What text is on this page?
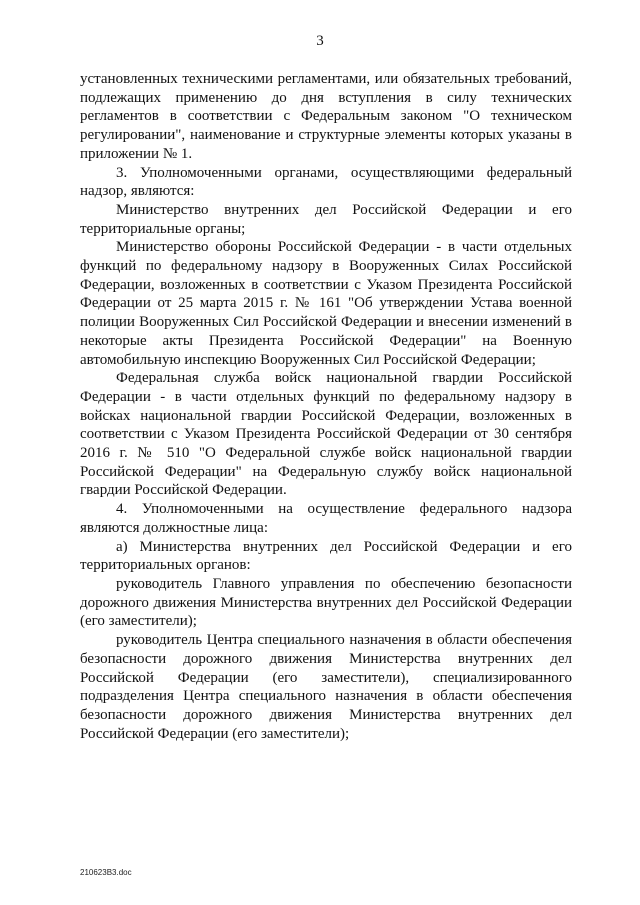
3

установленных техническими регламентами, или обязательных требований, подлежащих применению до дня вступления в силу технических регламентов в соответствии с Федеральным законом "О техническом регулировании", наименование и структурные элементы которых указаны в приложении № 1.

3. Уполномоченными органами, осуществляющими федеральный надзор, являются:

Министерство внутренних дел Российской Федерации и его территориальные органы;

Министерство обороны Российской Федерации - в части отдельных функций по федеральному надзору в Вооруженных Силах Российской Федерации, возложенных в соответствии с Указом Президента Российской Федерации от 25 марта 2015 г. № 161 "Об утверждении Устава военной полиции Вооруженных Сил Российской Федерации и внесении изменений в некоторые акты Президента Российской Федерации" на Военную автомобильную инспекцию Вооруженных Сил Российской Федерации;

Федеральная служба войск национальной гвардии Российской Федерации - в части отдельных функций по федеральному надзору в войсках национальной гвардии Российской Федерации, возложенных в соответствии с Указом Президента Российской Федерации от 30 сентября 2016 г. № 510 "О Федеральной службе войск национальной гвардии Российской Федерации" на Федеральную службу войск национальной гвардии Российской Федерации.

4. Уполномоченными на осуществление федерального надзора являются должностные лица:

а) Министерства внутренних дел Российской Федерации и его территориальных органов:

руководитель Главного управления по обеспечению безопасности дорожного движения Министерства внутренних дел Российской Федерации (его заместители);

руководитель Центра специального назначения в области обеспечения безопасности дорожного движения Министерства внутренних дел Российской Федерации (его заместители), специализированного подразделения Центра специального назначения в области обеспечения безопасности дорожного движения Министерства внутренних дел Российской Федерации (его заместители);

210623B3.doc
